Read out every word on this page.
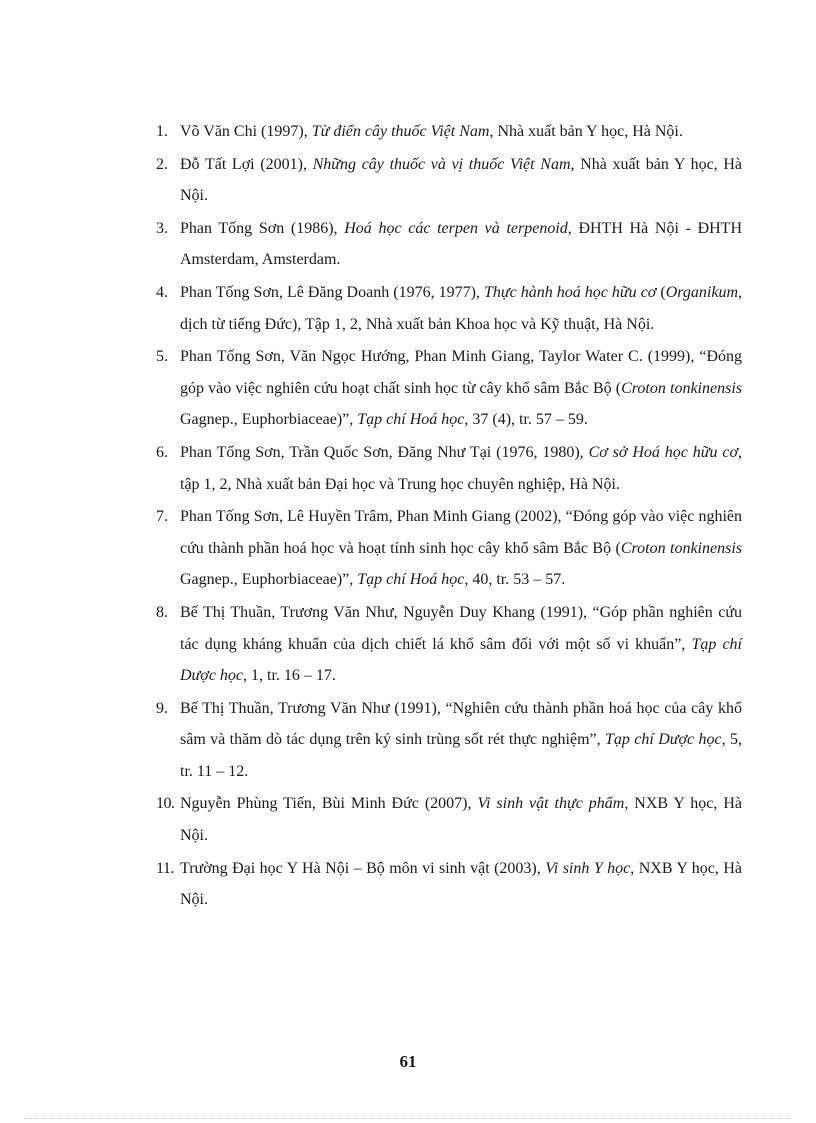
1. Võ Văn Chi (1997), Từ điển cây thuốc Việt Nam, Nhà xuất bản Y học, Hà Nội.
2. Đỗ Tất Lợi (2001), Những cây thuốc và vị thuốc Việt Nam, Nhà xuất bản Y học, Hà Nội.
3. Phan Tống Sơn (1986), Hoá học các terpen và terpenoid, ĐHTH Hà Nội - ĐHTH Amsterdam, Amsterdam.
4. Phan Tống Sơn, Lê Đăng Doanh (1976, 1977), Thực hành hoá học hữu cơ (Organikum, dịch từ tiếng Đức), Tập 1, 2, Nhà xuất bản Khoa học và Kỹ thuật, Hà Nội.
5. Phan Tống Sơn, Văn Ngọc Hướng, Phan Minh Giang, Taylor Water C. (1999), “Đóng góp vào việc nghiên cứu hoạt chất sinh học từ cây khổ sâm Bắc Bộ (Croton tonkinensis Gagnep., Euphorbiaceae)”, Tạp chí Hoá học, 37 (4), tr. 57 – 59.
6. Phan Tống Sơn, Trần Quốc Sơn, Đăng Như Tại (1976, 1980), Cơ sở Hoá học hữu cơ, tập 1, 2, Nhà xuất bản Đại học và Trung học chuyên nghiệp, Hà Nội.
7. Phan Tống Sơn, Lê Huyền Trâm, Phan Minh Giang (2002), “Đóng góp vào việc nghiên cứu thành phần hoá học và hoạt tính sinh học cây khổ sâm Bắc Bộ (Croton tonkinensis Gagnep., Euphorbiaceae)”, Tạp chí Hoá học, 40, tr. 53 – 57.
8. Bế Thị Thuần, Trương Văn Như, Nguyễn Duy Khang (1991), “Góp phần nghiên cứu tác dụng kháng khuẩn của dịch chiết lá khổ sâm đối với một số vi khuẩn”, Tạp chí Dược học, 1, tr. 16 – 17.
9. Bế Thị Thuần, Trương Văn Như (1991), “Nghiên cứu thành phần hoá học của cây khổ sâm và thăm dò tác dụng trên ký sinh trùng sốt rét thực nghiệm”, Tạp chí Dược học, 5, tr. 11 – 12.
10. Nguyễn Phùng Tiến, Bùi Minh Đức (2007), Vi sinh vật thực phẩm, NXB Y học, Hà Nội.
11. Trường Đại học Y Hà Nội – Bộ môn vi sinh vật (2003), Vi sinh Y học, NXB Y học, Hà Nội.
61
